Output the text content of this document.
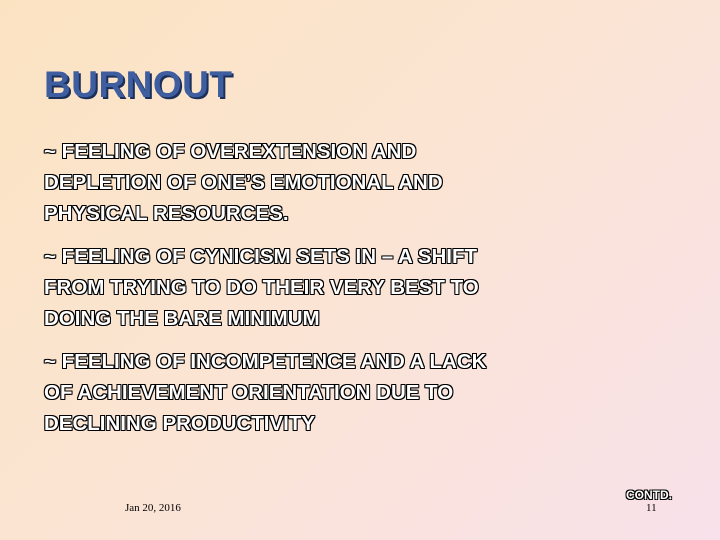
BURNOUT

~ FEELING OF OVEREXTENSION AND
DEPLETION OF ONE’S EMOTIONAL AND
PHYSICAL RESOURCES.

~ FEELING OF CYNICISM SETS IN – A SHIFT
FROM TRYING TO DO THEIR VERY BEST TO
DOING THE BARE MINIMUM

~ FEELING OF INCOMPETENCE AND A LACK
OF ACHIEVEMENT ORIENTATION DUE TO
DECLINING PRODUCTIVITY

Jan 20, 2016	11
CONTD.
